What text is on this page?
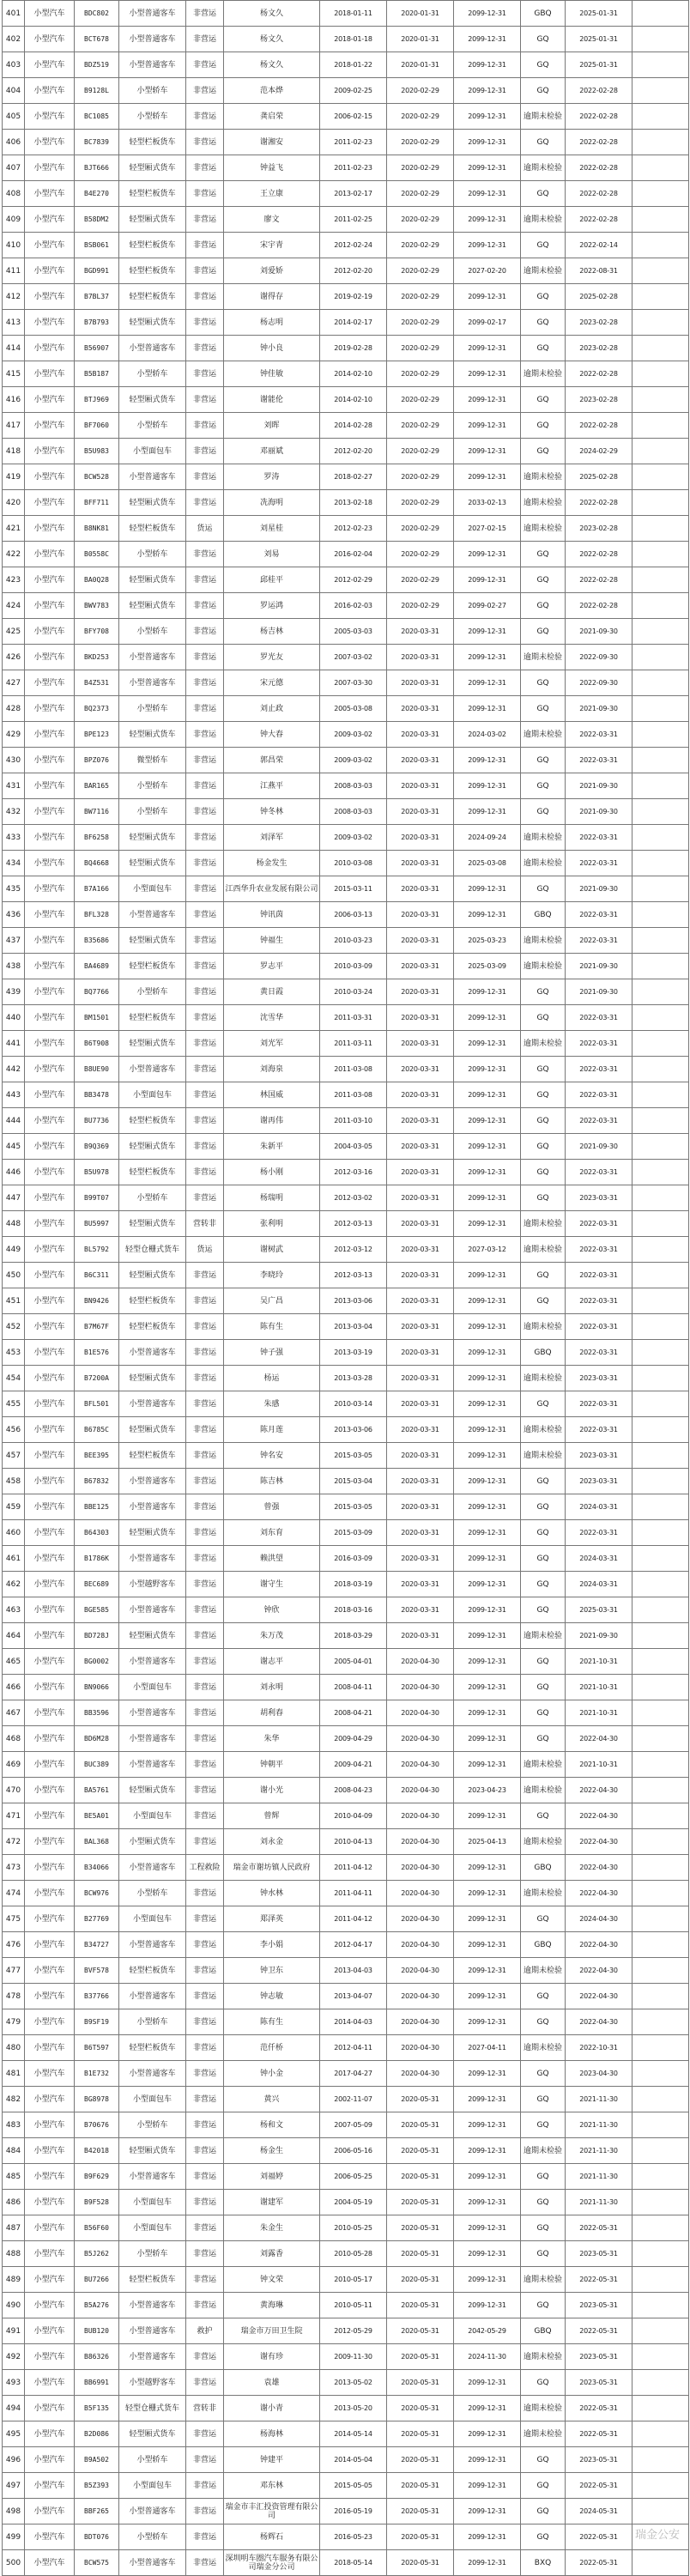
401	小型汽车	BDC802	小型普通客车	非营运	杨文久	2018-01-11	2020-01-31	2099-12-31	GBQ	2025-01-31	
402	小型汽车	BCT678	小型普通客车	非营运	杨文久	2018-01-18	2020-01-31	2099-12-31	GQ	2025-01-31	
403	小型汽车	BDZ519	小型普通客车	非营运	杨文久	2018-01-22	2020-01-31	2099-12-31	GQ	2025-01-31	
404	小型汽车	B9128L	小型轿车	非营运	范本烨	2009-02-25	2020-02-29	2099-12-31	GQ	2022-02-28	
405	小型汽车	BC1085	小型轿车	非营运	龚启荣	2006-02-15	2020-02-29	2099-12-31	逾期未检验	2022-02-28	
406	小型汽车	BC7839	轻型栏板货车	非营运	谢湘安	2011-02-23	2020-02-29	2099-12-31	GQ	2022-02-28	
407	小型汽车	BJT666	轻型厢式货车	非营运	钟益飞	2011-02-23	2020-02-29	2099-12-31	逾期未检验	2022-02-28	
408	小型汽车	B4E270	轻型栏板货车	非营运	王立康	2013-02-17	2020-02-29	2099-12-31	GQ	2022-02-28	
409	小型汽车	B58DM2	轻型厢式货车	非营运	廖文	2011-02-25	2020-02-29	2099-12-31	逾期未检验	2022-02-28	
410	小型汽车	BSB061	轻型栏板货车	非营运	宋宇青	2012-02-24	2020-02-29	2099-12-31	GQ	2022-02-14	
411	小型汽车	BGD991	轻型栏板货车	非营运	刘爱娇	2012-02-20	2020-02-29	2027-02-20	逾期未检验	2022-08-31	
412	小型汽车	B7BL37	轻型栏板货车	非营运	谢得存	2019-02-19	2020-02-29	2099-12-31	GQ	2025-02-28	
413	小型汽车	B7B793	轻型厢式货车	非营运	杨志明	2014-02-17	2020-02-29	2099-02-17	GQ	2023-02-28	
414	小型汽车	B56907	小型普通客车	非营运	钟小良	2019-02-28	2020-02-29	2099-12-31	GQ	2023-02-28	
415	小型汽车	B5B187	小型轿车	非营运	钟佳敏	2014-02-10	2020-02-29	2099-12-31	逾期未检验	2022-02-28	
416	小型汽车	BTJ969	轻型厢式货车	非营运	谢能伦	2014-02-10	2020-02-29	2099-12-31	GQ	2023-02-28	
417	小型汽车	BF7060	小型轿车	非营运	刘晖	2014-02-28	2020-02-29	2099-12-31	GQ	2022-02-28	
418	小型汽车	B5U983	小型面包车	非营运	邓丽斌	2012-02-20	2020-02-29	2099-12-31	GQ	2024-02-29	
419	小型汽车	BCW528	小型普通客车	非营运	罗涛	2018-02-27	2020-02-29	2099-12-31	逾期未检验	2025-02-28	
420	小型汽车	BFF711	轻型厢式货车	非营运	冼海明	2013-02-18	2020-02-29	2033-02-13	逾期未检验	2022-02-28	
421	小型汽车	B8NK81	轻型栏板货车	货运	刘星桂	2012-02-23	2020-02-29	2027-02-15	逾期未检验	2023-02-28	
422	小型汽车	B0558C	小型轿车	非营运	刘易	2016-02-04	2020-02-29	2099-12-31	GQ	2022-02-28	
423	小型汽车	BA0Q28	轻型厢式货车	非营运	邱桂平	2012-02-29	2020-02-29	2099-12-31	GQ	2022-02-28	
424	小型汽车	BWV783	轻型厢式货车	非营运	罗运鸿	2016-02-03	2020-02-29	2099-02-27	GQ	2022-02-28	
425	小型汽车	BFY708	小型轿车	非营运	杨吉林	2005-03-03	2020-03-31	2099-12-31	GQ	2021-09-30	
426	小型汽车	BKD253	小型普通客车	非营运	罗光友	2007-03-02	2020-03-31	2099-12-31	逾期未检验	2022-09-30	
427	小型汽车	B4Z531	小型普通客车	非营运	宋元德	2007-03-30	2020-03-31	2099-12-31	GQ	2022-09-30	
428	小型汽车	BQ2373	小型轿车	非营运	刘止政	2005-03-08	2020-03-31	2099-12-31	GQ	2021-09-30	
429	小型汽车	BPE123	轻型厢式货车	非营运	钟大春	2009-03-02	2020-03-31	2024-03-02	逾期未检验	2022-03-31	
430	小型汽车	BPZ076	微型轿车	非营运	郭昌荣	2009-03-02	2020-03-31	2099-12-31	GQ	2022-03-31	
431	小型汽车	BAR165	小型轿车	非营运	江燕平	2008-03-03	2020-03-31	2099-12-31	GQ	2021-09-30	
432	小型汽车	BW7116	小型轿车	非营运	钟冬林	2008-03-03	2020-03-31	2099-12-31	GQ	2021-09-30	
433	小型汽车	BF6258	轻型厢式货车	非营运	刘泽军	2009-03-02	2020-03-31	2024-09-24	逾期未检验	2022-03-31	
434	小型汽车	BQ4668	轻型厢式货车	非营运	杨金发生	2010-03-08	2020-03-31	2025-03-08	逾期未检验	2022-03-31	
435	小型汽车	B7A166	小型面包车	非营运	江西华升农业发展有限公司	2015-03-11	2020-03-31	2099-12-31	GQ	2021-09-30	
436	小型汽车	BFL328	小型普通客车	非营运	钟讯茵	2006-03-13	2020-03-31	2099-12-31	GBQ	2022-03-31	
437	小型汽车	B35686	轻型厢式货车	非营运	钟福生	2010-03-23	2020-03-31	2025-03-23	逾期未检验	2022-03-31	
438	小型汽车	BA4689	轻型栏板货车	非营运	罗志平	2010-03-09	2020-03-31	2025-03-09	逾期未检验	2021-09-30	
439	小型汽车	BQ7766	小型轿车	非营运	黄日霞	2010-03-24	2020-03-31	2099-12-31	GQ	2021-09-30	
440	小型汽车	BM1501	轻型栏板货车	非营运	沈雪华	2011-03-31	2020-03-31	2099-12-31	GQ	2022-03-31	
441	小型汽车	B6T908	轻型厢式货车	非营运	刘光军	2011-03-11	2020-03-31	2099-12-31	逾期未检验	2022-03-31	
442	小型汽车	B8UE90	小型普通客车	非营运	刘海泉	2011-03-08	2020-03-31	2099-12-31	GQ	2022-03-31	
443	小型汽车	BB3478	小型面包车	非营运	林国威	2011-03-08	2020-03-31	2099-12-31	GQ	2022-03-31	
444	小型汽车	BU7736	轻型栏板货车	非营运	谢再伟	2011-03-10	2020-03-31	2099-12-31	GQ	2022-03-31	
445	小型汽车	B9Q369	轻型厢式货车	非营运	朱新平	2004-03-05	2020-03-31	2099-12-31	GQ	2021-09-30	
446	小型汽车	B5U978	轻型栏板货车	非营运	杨小刚	2012-03-16	2020-03-31	2099-12-31	GQ	2022-03-31	
447	小型汽车	B99T07	小型轿车	非营运	杨瑞明	2012-03-02	2020-03-31	2099-12-31	GQ	2023-03-31	
448	小型汽车	BU5997	轻型厢式货车	营转非	张利明	2012-03-13	2020-03-31	2099-12-31	逾期未检验	2022-03-31	
449	小型汽车	BL5792	轻型仓栅式货车	货运	谢树武	2012-03-12	2020-03-31	2027-03-12	逾期未检验	2022-03-31	
450	小型汽车	B6C311	轻型厢式货车	非营运	李晓玲	2012-03-13	2020-03-31	2099-12-31	GQ	2022-03-31	
451	小型汽车	BN9426	轻型栏板货车	非营运	吴广昌	2013-03-06	2020-03-31	2099-12-31	GQ	2022-03-31	
452	小型汽车	B7M67F	轻型栏板货车	非营运	陈有生	2013-03-04	2020-03-31	2099-12-31	逾期未检验	2022-03-31	
453	小型汽车	B1E576	小型普通客车	非营运	钟子强	2013-03-19	2020-03-31	2099-12-31	GBQ	2022-03-31	
454	小型汽车	B7200A	轻型厢式货车	非营运	杨运	2013-03-28	2020-03-31	2099-12-31	逾期未检验	2023-03-31	
455	小型汽车	BFL501	小型普通客车	非营运	朱感	2010-03-14	2020-03-31	2099-12-31	GQ	2022-03-31	
456	小型汽车	B6785C	轻型厢式货车	非营运	陈月莲	2013-03-06	2020-03-31	2099-12-31	逾期未检验	2022-03-31	
457	小型汽车	BEE395	轻型栏板货车	非营运	钟名安	2015-03-05	2020-03-31	2099-12-31	逾期未检验	2023-03-31	
458	小型汽车	B67832	小型普通客车	非营运	陈吉林	2015-03-04	2020-03-31	2099-12-31	GQ	2023-03-31	
459	小型汽车	BBE125	小型普通客车	非营运	曾强	2015-03-05	2020-03-31	2099-12-31	GQ	2024-03-31	
460	小型汽车	B64303	轻型厢式货车	非营运	刘东育	2015-03-09	2020-03-31	2099-12-31	GQ	2022-03-31	
461	小型汽车	B1786K	小型普通客车	非营运	赖洪望	2016-03-09	2020-03-31	2099-12-31	GQ	2024-03-31	
462	小型汽车	BEC689	小型越野客车	非营运	谢守生	2018-03-19	2020-03-31	2099-12-31	GQ	2024-03-31	
463	小型汽车	BGE585	小型普通客车	非营运	钟欣	2018-03-16	2020-03-31	2099-12-31	GQ	2025-03-31	
464	小型汽车	BD728J	轻型厢式货车	非营运	朱万茂	2018-03-29	2020-03-31	2099-12-31	逾期未检验	2021-09-30	
465	小型汽车	BG0002	小型普通客车	非营运	谢志平	2005-04-01	2020-04-30	2099-12-31	GQ	2021-10-31	
466	小型汽车	BN9066	小型面包车	非营运	刘永明	2008-04-11	2020-04-30	2099-12-31	GQ	2021-10-31	
467	小型汽车	BB3596	小型普通客车	非营运	胡利春	2008-04-21	2020-04-30	2099-12-31	GQ	2021-10-31	
468	小型汽车	BD6M28	小型普通客车	非营运	朱华	2009-04-29	2020-04-30	2099-12-31	GQ	2022-04-30	
469	小型汽车	BUC389	小型普通客车	非营运	钟朝平	2009-04-21	2020-04-30	2099-12-31	逾期未检验	2021-10-31	
470	小型汽车	BA5761	轻型厢式货车	非营运	谢小光	2008-04-23	2020-04-30	2023-04-23	逾期未检验	2022-04-30	
471	小型汽车	BE5A01	小型面包车	非营运	曾辉	2010-04-09	2020-04-30	2099-12-31	GQ	2022-04-30	
472	小型汽车	BAL368	小型厢式货车	非营运	刘永金	2010-04-13	2020-04-30	2025-04-13	逾期未检验	2022-04-30	
473	小型汽车	B34066	小型普通客车	工程救险	瑞金市谢坊镇人民政府	2011-04-12	2020-04-30	2099-12-31	GBQ	2022-04-30	
474	小型汽车	BCW976	小型轿车	非营运	钟水林	2011-04-11	2020-04-30	2099-12-31	逾期未检验	2022-04-30	
475	小型汽车	B27769	小型面包车	非营运	郑泽英	2011-04-12	2020-04-30	2099-12-31	GQ	2024-04-30	
476	小型汽车	B34727	小型普通客车	非营运	李小娟	2012-04-17	2020-04-30	2099-12-31	GBQ	2022-04-30	
477	小型汽车	BVF578	轻型栏板货车	非营运	钟卫东	2013-04-03	2020-04-30	2099-12-31	逾期未检验	2022-04-30	
478	小型汽车	B37766	小型普通客车	非营运	钟志敏	2013-04-07	2020-04-30	2099-12-31	GQ	2022-04-30	
479	小型汽车	B9SF19	小型轿车	非营运	陈有生	2014-04-03	2020-04-30	2099-12-31	GQ	2022-04-30	
480	小型汽车	B6T597	轻型栏板货车	非营运	范仟桥	2012-04-11	2020-04-30	2027-04-11	逾期未检验	2022-10-31	
481	小型汽车	B1E732	小型普通客车	非营运	钟小金	2017-04-27	2020-04-30	2099-12-31	GQ	2023-04-30	
482	小型汽车	BG8978	小型面包车	非营运	黄兴	2002-11-07	2020-05-31	2099-12-31	GQ	2021-11-30	
483	小型汽车	B70676	小型轿车	非营运	杨和文	2007-05-09	2020-05-31	2099-12-31	GQ	2021-11-30	
484	小型汽车	B42018	轻型厢式货车	非营运	杨金生	2006-05-16	2020-05-31	2099-12-31	逾期未检验	2021-11-30	
485	小型汽车	B9F629	小型普通客车	非营运	刘福婷	2006-05-25	2020-05-31	2099-12-31	GQ	2021-11-30	
486	小型汽车	B9F528	小型面包车	非营运	谢建军	2004-05-19	2020-05-31	2099-12-31	GQ	2021-11-30	
487	小型汽车	B56F60	小型面包车	非营运	朱金生	2010-05-25	2020-05-31	2099-12-31	GQ	2022-05-31	
488	小型汽车	B5J262	小型轿车	非营运	刘露香	2010-05-28	2020-05-31	2099-12-31	GQ	2023-05-31	
489	小型汽车	BU7266	轻型栏板货车	非营运	钟文荣	2010-05-17	2020-05-31	2099-12-31	逾期未检验	2022-05-31	
490	小型汽车	B5A276	小型普通客车	非营运	黄海琳	2010-05-11	2020-05-31	2099-12-31	GQ	2023-05-31	
491	小型汽车	BUB120	小型普通客车	救护	瑞金市万田卫生院	2012-05-29	2020-05-31	2042-05-29	GBQ	2022-05-31	
492	小型汽车	B86326	小型普通客车	非营运	谢有珍	2009-11-30	2020-05-31	2024-11-30	逾期未检验	2023-05-31	
493	小型汽车	BB6991	小型越野客车	非营运	袁雄	2013-05-02	2020-05-31	2099-12-31	GQ	2023-05-31	
494	小型汽车	B5F135	轻型仓栅式货车	营转非	谢小青	2013-05-20	2020-05-31	2099-12-31	逾期未检验	2022-05-31	
495	小型汽车	B2D086	轻型厢式货车	非营运	杨海林	2014-05-14	2020-05-31	2099-12-31	逾期未检验	2022-05-31	
496	小型汽车	B9A502	小型轿车	非营运	钟建平	2014-05-04	2020-05-31	2099-12-31	GQ	2023-05-31	
497	小型汽车	B5Z393	小型面包车	非营运	邓东林	2015-05-05	2020-05-31	2099-12-31	GQ	2022-05-31	
498	小型汽车	BBF265	小型普通客车	非营运	瑞金市丰汇投资管理有限公司	2016-05-19	2020-05-31	2099-12-31	GQ	2024-05-31	
499	小型汽车	BDT076	小型轿车	非营运	杨辉石	2016-05-23	2020-05-31	2099-12-31	GQ	2022-05-31	
500	小型汽车	BCW575	小型普通客车	非营运	深圳明车圈汽车服务有限公司瑞金分公司	2018-05-14	2020-05-31	2099-12-31	BXQ	2022-05-31	
瑞金公安
